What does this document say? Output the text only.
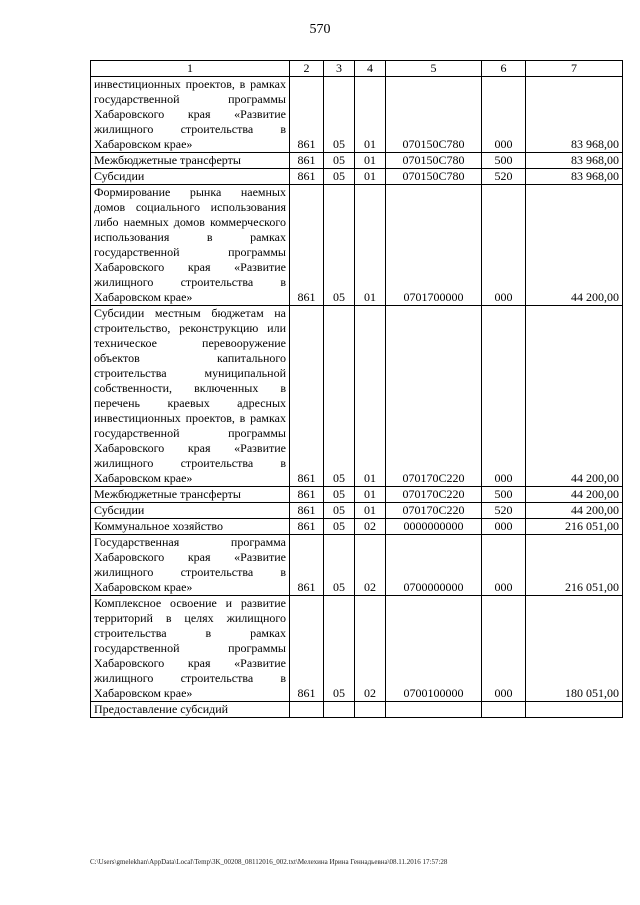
570
1	2	3	4	5	6	7
инвестиционных проектов, в рамках государственной программы Хабаровского края «Развитие жилищного строительства в Хабаровском крае»	861	05	01	070150С780	000	83 968,00
Межбюджетные трансферты	861	05	01	070150С780	500	83 968,00
Субсидии	861	05	01	070150С780	520	83 968,00
Формирование рынка наемных домов социального использования либо наемных домов коммерческого использования в рамках государственной программы Хабаровского края «Развитие жилищного строительства в Хабаровском крае»	861	05	01	0701700000	000	44 200,00
Субсидии местным бюджетам на строительство, реконструкцию или техническое перевооружение объектов капитального строительства муниципальной собственности, включенных в перечень краевых адресных инвестиционных проектов, в рамках государственной программы Хабаровского края «Развитие жилищного строительства в Хабаровском крае»	861	05	01	070170С220	000	44 200,00
Межбюджетные трансферты	861	05	01	070170С220	500	44 200,00
Субсидии	861	05	01	070170С220	520	44 200,00
Коммунальное хозяйство	861	05	02	0000000000	000	216 051,00
Государственная программа Хабаровского края «Развитие жилищного строительства в Хабаровском крае»	861	05	02	0700000000	000	216 051,00
Комплексное освоение и развитие территорий в целях жилищного строительства в рамках государственной программы Хабаровского края «Развитие жилищного строительства в Хабаровском крае»	861	05	02	0700100000	000	180 051,00
Предоставление субсидий						
C:\Users\gmelekhan\AppData\Local\Temp\3K_00208_08112016_002.txt\Мелехина Ирина Геннадьевна\08.11.2016 17:57:28
